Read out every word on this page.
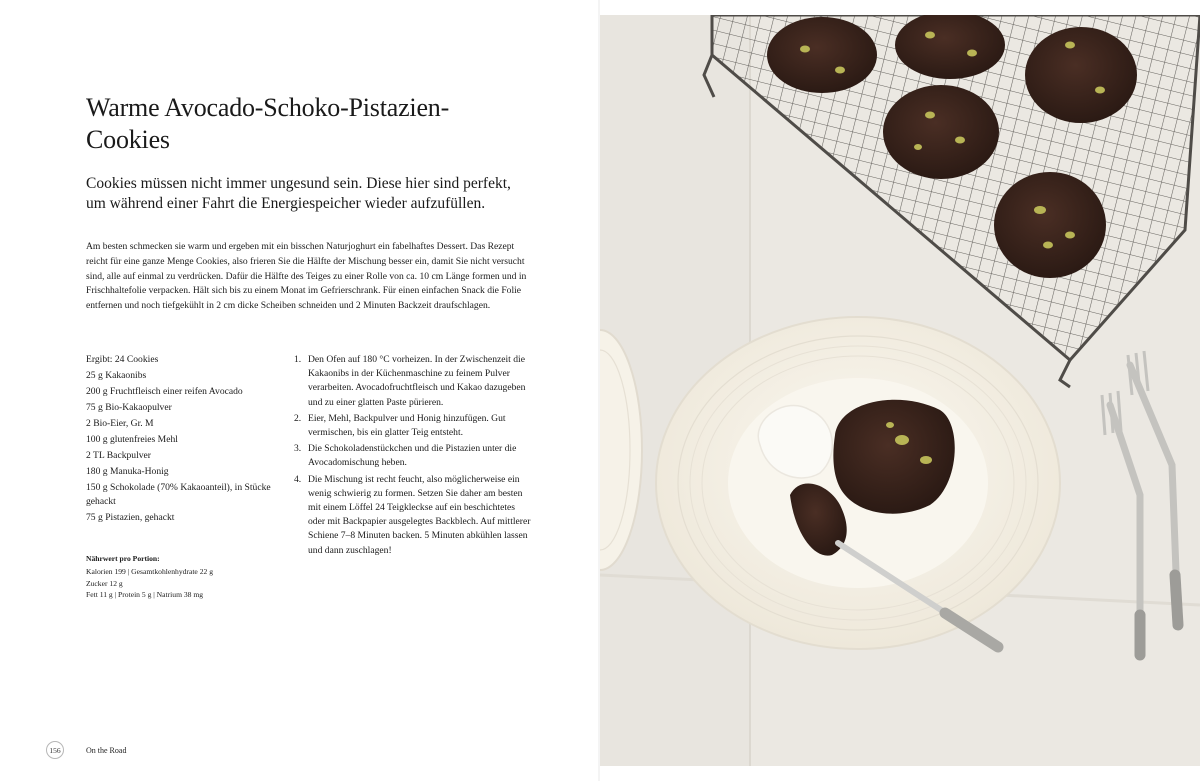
Warme Avocado-Schoko-Pistazien-
Cookies

Cookies müssen nicht immer ungesund sein. Diese hier sind perfekt, um während einer Fahrt die Energiespeicher wieder aufzufüllen.

Am besten schmecken sie warm und ergeben mit ein bisschen Naturjoghurt ein fabelhaftes Dessert. Das Rezept reicht für eine ganze Menge Cookies, also frieren Sie die Hälfte der Mischung besser ein, damit Sie nicht versucht sind, alle auf einmal zu verdrücken. Dafür die Hälfte des Teiges zu einer Rolle von ca. 10 cm Länge formen und in Frischhaltefolie verpacken. Hält sich bis zu einem Monat im Gefrierschrank. Für einen einfachen Snack die Folie entfernen und noch tiefgekühlt in 2 cm dicke Scheiben schneiden und 2 Minuten Backzeit draufschlagen.

Ergibt: 24 Cookies
25 g Kakaonibs
200 g Fruchtfleisch einer reifen Avocado
75 g Bio-Kakaopulver
2 Bio-Eier, Gr. M
100 g glutenfreies Mehl
2 TL Backpulver
180 g Manuka-Honig
150 g Schokolade (70% Kakaoanteil), in Stücke gehackt
75 g Pistazien, gehackt
Nährwert pro Portion:
Kalorien 199 | Gesamtkohlenhydrate 22 g
Zucker 12 g
Fett 11 g | Protein 5 g | Natrium 38 mg
1. Den Ofen auf 180 °C vorheizen. In der Zwischenzeit die Kakaonibs in der Küchenmaschine zu feinem Pulver verarbeiten. Avocadofruchtfleisch und Kakao dazugeben und zu einer glatten Paste pürieren.
2. Eier, Mehl, Backpulver und Honig hinzufügen. Gut vermischen, bis ein glatter Teig entsteht.
3. Die Schokoladenstückchen und die Pistazien unter die Avocadomischung heben.
4. Die Mischung ist recht feucht, also möglicherweise ein wenig schwierig zu formen. Setzen Sie daher am besten mit einem Löffel 24 Teigkleckse auf ein beschichtetes oder mit Backpapier ausgelegtes Backblech. Auf mittlerer Schiene 7–8 Minuten backen. 5 Minuten abkühlen lassen und dann zuschlagen!
156	On the Road
